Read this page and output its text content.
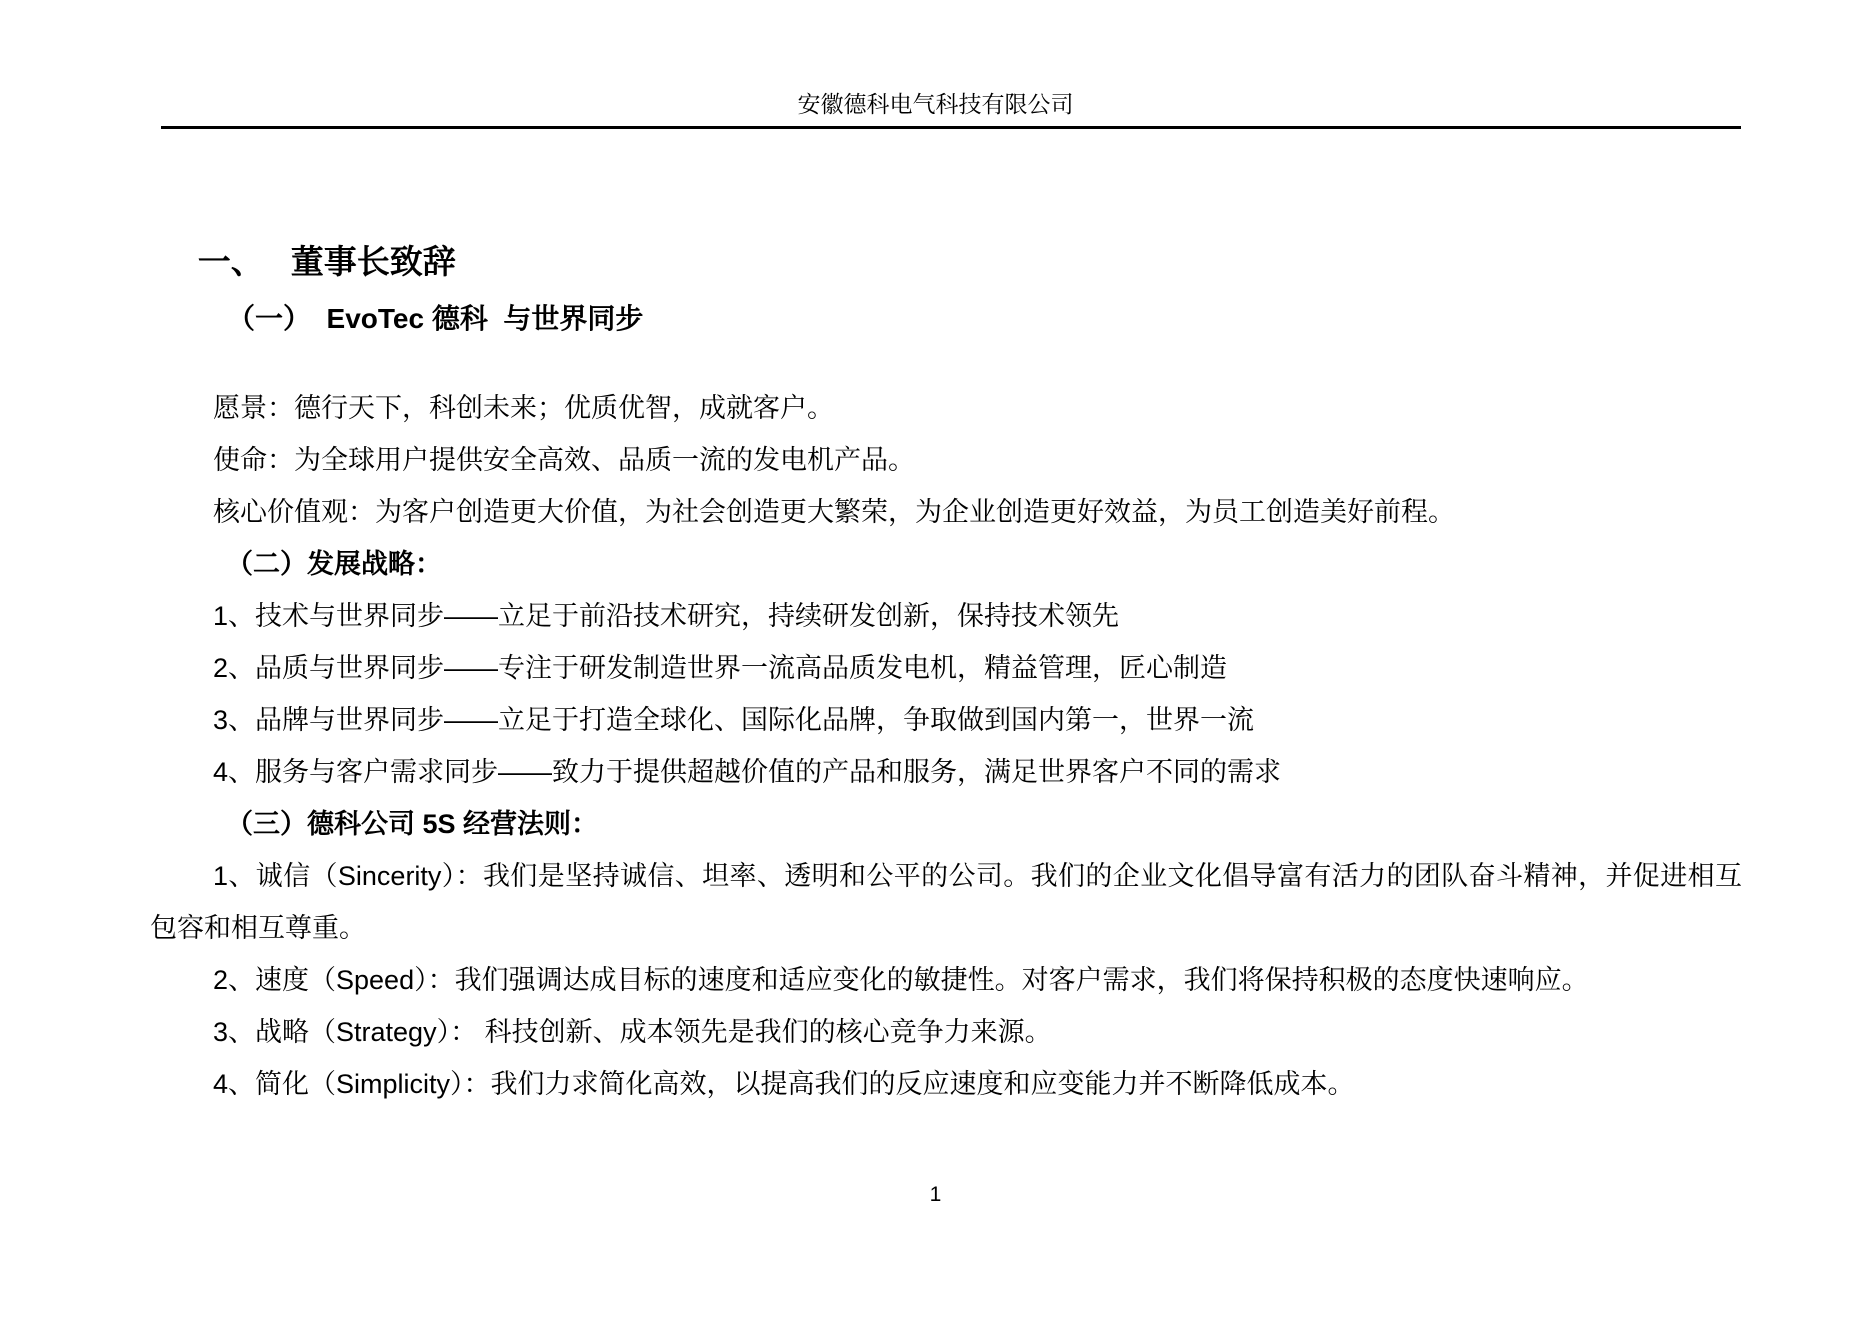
安徽德科电气科技有限公司

一、 董事长致辞

（一）  EvoTec 德科  与世界同步

愿景：德行天下，科创未来；优质优智，成就客户。

使命：为全球用户提供安全高效、品质一流的发电机产品。

核心价值观：为客户创造更大价值，为社会创造更大繁荣，为企业创造更好效益，为员工创造美好前程。

（二）发展战略：

1、技术与世界同步——立足于前沿技术研究，持续研发创新，保持技术领先

2、品质与世界同步——专注于研发制造世界一流高品质发电机，精益管理，匠心制造

3、品牌与世界同步——立足于打造全球化、国际化品牌，争取做到国内第一，世界一流

4、服务与客户需求同步——致力于提供超越价值的产品和服务，满足世界客户不同的需求

（三）德科公司 5S 经营法则：

1、诚信（Sincerity）：我们是坚持诚信、坦率、透明和公平的公司。我们的企业文化倡导富有活力的团队奋斗精神，并促进相互包容和相互尊重。

2、速度（Speed）：我们强调达成目标的速度和适应变化的敏捷性。对客户需求，我们将保持积极的态度快速响应。

3、战略（Strategy）： 科技创新、成本领先是我们的核心竞争力来源。

4、简化（Simplicity）：我们力求简化高效，以提高我们的反应速度和应变能力并不断降低成本。

1
